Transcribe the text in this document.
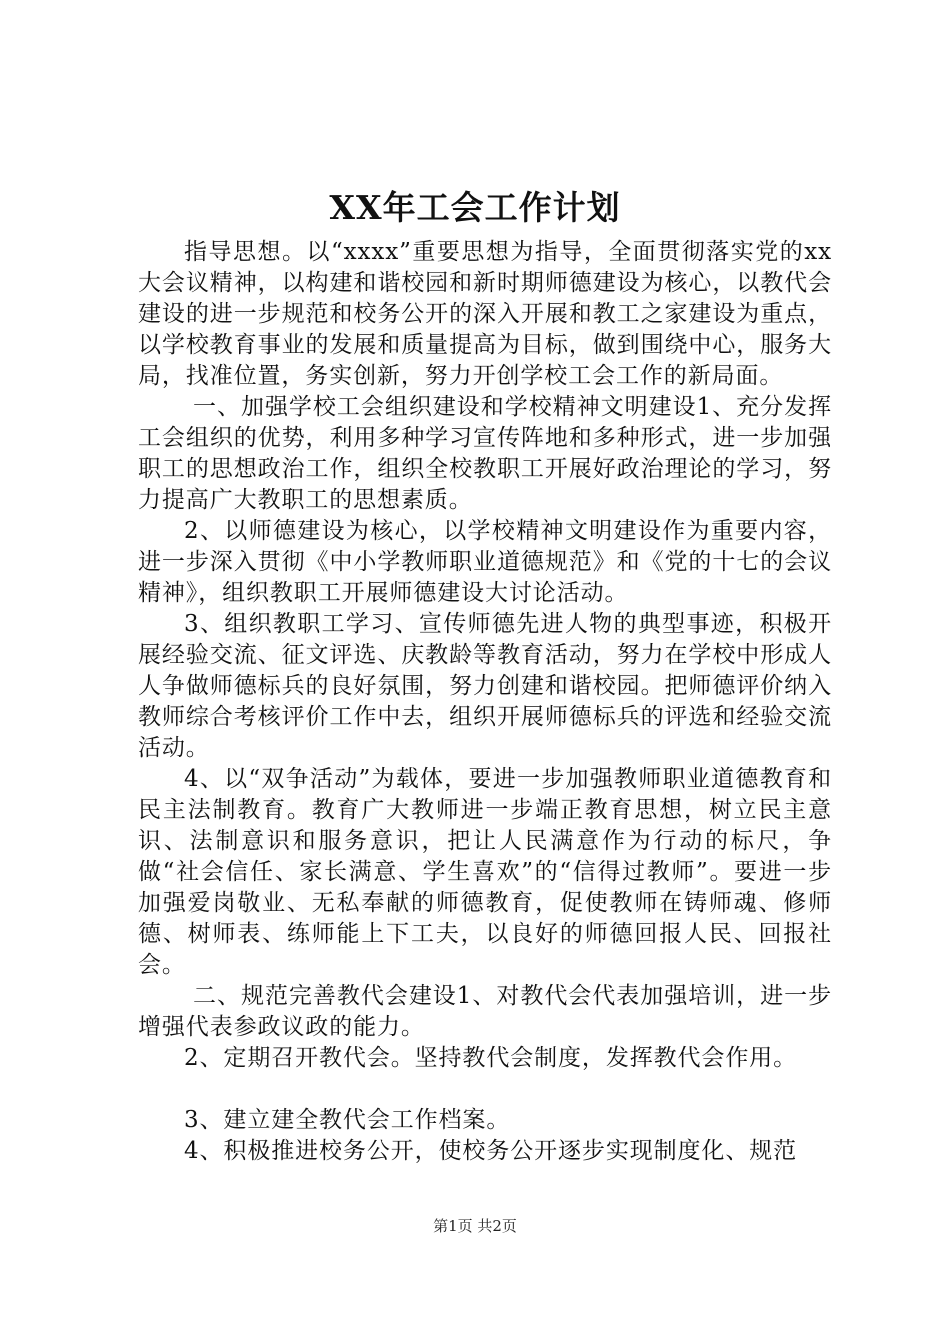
XX年工会工作计划

指导思想。以“xxxx”重要思想为指导，全面贯彻落实党的xx大会议精神，以构建和谐校园和新时期师德建设为核心，以教代会建设的进一步规范和校务公开的深入开展和教工之家建设为重点，以学校教育事业的发展和质量提高为目标，做到围绕中心，服务大局，找准位置，务实创新，努力开创学校工会工作的新局面。

一、加强学校工会组织建设和学校精神文明建设1、充分发挥工会组织的优势，利用多种学习宣传阵地和多种形式，进一步加强职工的思想政治工作，组织全校教职工开展好政治理论的学习，努力提高广大教职工的思想素质。

2、以师德建设为核心，以学校精神文明建设作为重要内容，进一步深入贯彻《中小学教师职业道德规范》和《党的十七的会议精神》，组织教职工开展师德建设大讨论活动。

3、组织教职工学习、宣传师德先进人物的典型事迹，积极开展经验交流、征文评选、庆教龄等教育活动，努力在学校中形成人人争做师德标兵的良好氛围，努力创建和谐校园。把师德评价纳入教师综合考核评价工作中去，组织开展师德标兵的评选和经验交流活动。

4、以“双争活动”为载体，要进一步加强教师职业道德教育和民主法制教育。教育广大教师进一步端正教育思想，树立民主意识、法制意识和服务意识，把让人民满意作为行动的标尺，争做“社会信任、家长满意、学生喜欢”的“信得过教师”。要进一步加强爱岗敬业、无私奉献的师德教育，促使教师在铸师魂、修师德、树师表、练师能上下工夫，以良好的师德回报人民、回报社会。

二、规范完善教代会建设1、对教代会代表加强培训，进一步增强代表参政议政的能力。

2、定期召开教代会。坚持教代会制度，发挥教代会作用。

3、建立建全教代会工作档案。

4、积极推进校务公开，使校务公开逐步实现制度化、规范

第1页 共2页
